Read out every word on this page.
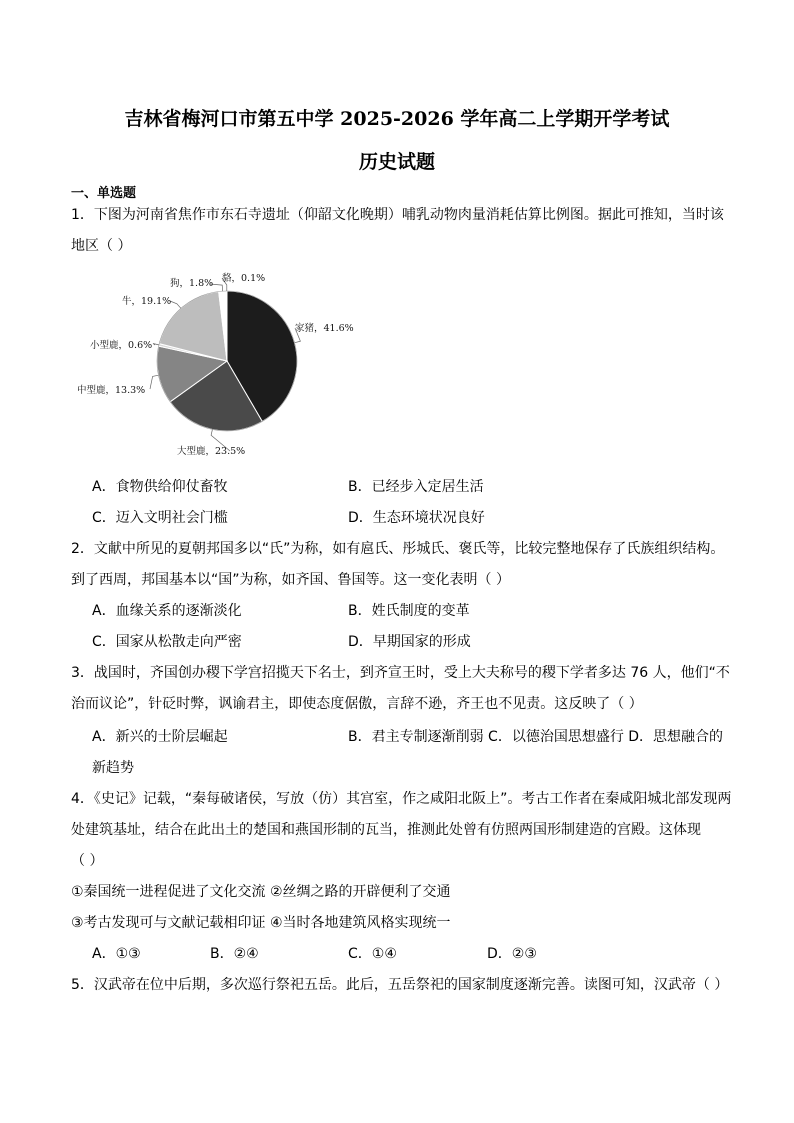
吉林省梅河口市第五中学 2025-2026 学年高二上学期开学考试
历史试题
一、单选题
1．下图为河南省焦作市东石寺遗址（仰韶文化晚期）哺乳动物肉量消耗估算比例图。据此可推知，当时该
地区（ ）
家猪，41.6%
大型鹿，23.5%
中型鹿，13.3%
小型鹿，0.6%
牛，19.1%
狗，1.8% 貉，0.1%
A．食物供给仰仗畜牧	B．已经步入定居生活
C．迈入文明社会门槛	D．生态环境状况良好
2．文献中所见的夏朝邦国多以“氏”为称，如有扈氏、彤城氏、褒氏等，比较完整地保存了氏族组织结构。
到了西周，邦国基本以“国”为称，如齐国、鲁国等。这一变化表明（ ）
A．血缘关系的逐渐淡化	B．姓氏制度的变革
C．国家从松散走向严密	D．早期国家的形成
3．战国时，齐国创办稷下学宫招揽天下名士，到齐宣王时，受上大夫称号的稷下学者多达 76 人，他们“不
治而议论”，针砭时弊，讽谕君主，即使态度倨傲，言辞不逊，齐王也不见责。这反映了（ ）
A．新兴的士阶层崛起	B．君主专制逐渐削弱 C．以德治国思想盛行 D．思想融合的
新趋势
4．《史记》记载，“秦每破诸侯，写放（仿）其宫室，作之咸阳北阪上”。考古工作者在秦咸阳城北部发现两
处建筑基址，结合在此出土的楚国和燕国形制的瓦当，推测此处曾有仿照两国形制建造的宫殿。这体现
（ ）
①秦国统一进程促进了文化交流 ②丝绸之路的开辟便利了交通
③考古发现可与文献记载相印证 ④当时各地建筑风格实现统一
A．①③	B．②④	C．①④	D．②③
5．汉武帝在位中后期，多次巡行祭祀五岳。此后，五岳祭祀的国家制度逐渐完善。读图可知，汉武帝（ ）
